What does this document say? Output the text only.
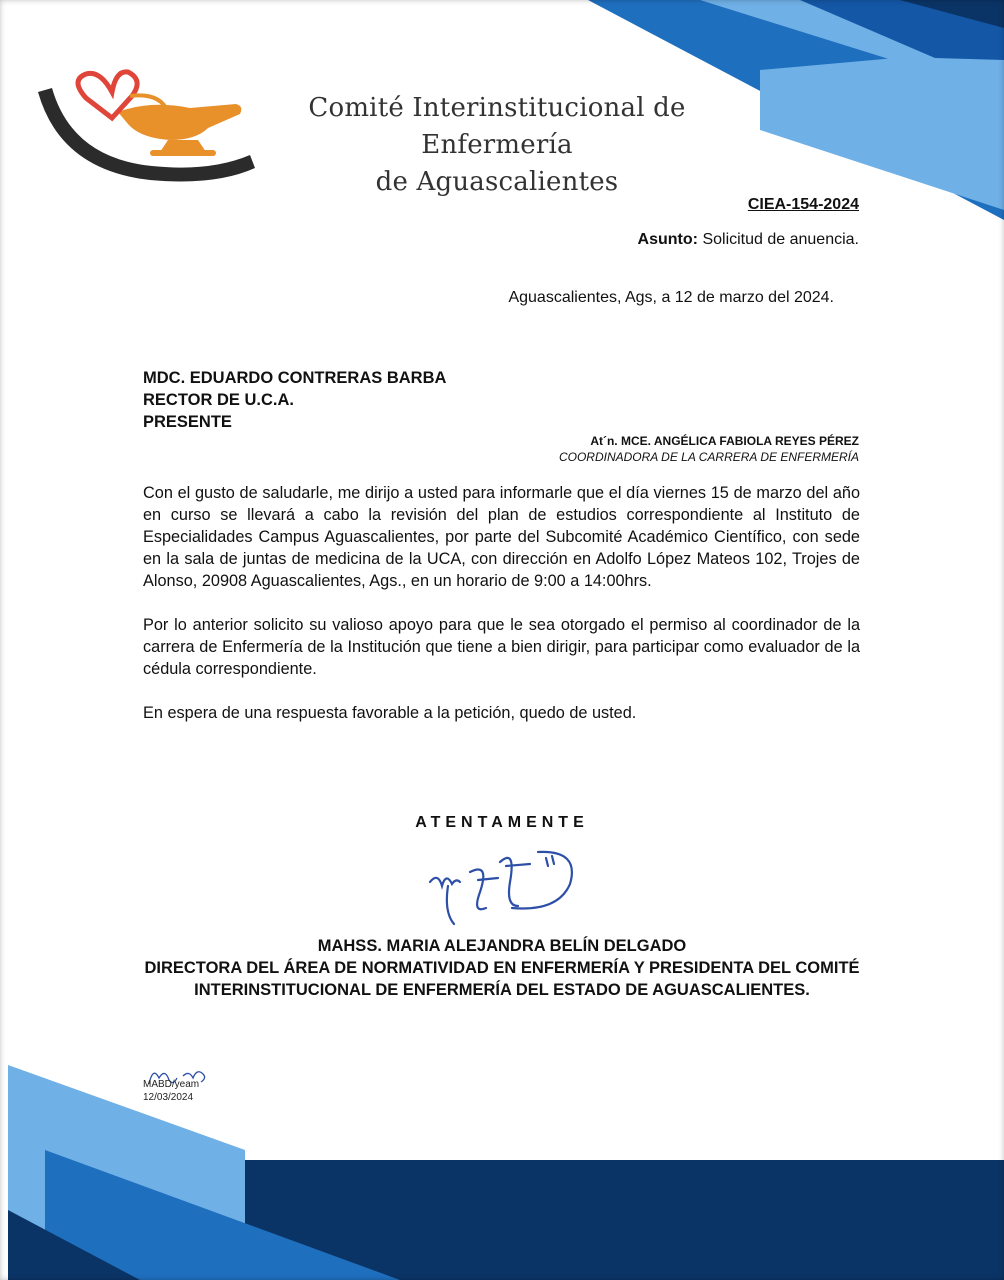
Comité Interinstitucional de Enfermería
de Aguascalientes
CIEA-154-2024
Asunto: Solicitud de anuencia.
Aguascalientes, Ags, a 12 de marzo del 2024.
MDC. EDUARDO CONTRERAS BARBA
RECTOR DE U.C.A.
PRESENTE
At´n. MCE. ANGÉLICA FABIOLA REYES PÉREZ
COORDINADORA DE LA CARRERA DE ENFERMERÍA

Con el gusto de saludarle, me dirijo a usted para informarle que el día viernes 15 de marzo del año en curso se llevará a cabo la revisión del plan de estudios correspondiente al Instituto de Especialidades Campus Aguascalientes, por parte del Subcomité Académico Científico, con sede en la sala de juntas de medicina de la UCA, con dirección en Adolfo López Mateos 102, Trojes de Alonso, 20908 Aguascalientes, Ags., en un horario de 9:00 a 14:00hrs.

Por lo anterior solicito su valioso apoyo para que le sea otorgado el permiso al coordinador de la carrera de Enfermería de la Institución que tiene a bien dirigir, para participar como evaluador de la cédula correspondiente.

En espera de una respuesta favorable a la petición, quedo de usted.

ATENTAMENTE
MAHSS. MARIA ALEJANDRA BELÍN DELGADO
DIRECTORA DEL ÁREA DE NORMATIVIDAD EN ENFERMERÍA Y PRESIDENTA DEL COMITÉ INTERINSTITUCIONAL DE ENFERMERÍA DEL ESTADO DE AGUASCALIENTES.
MABD/yeam
12/03/2024
